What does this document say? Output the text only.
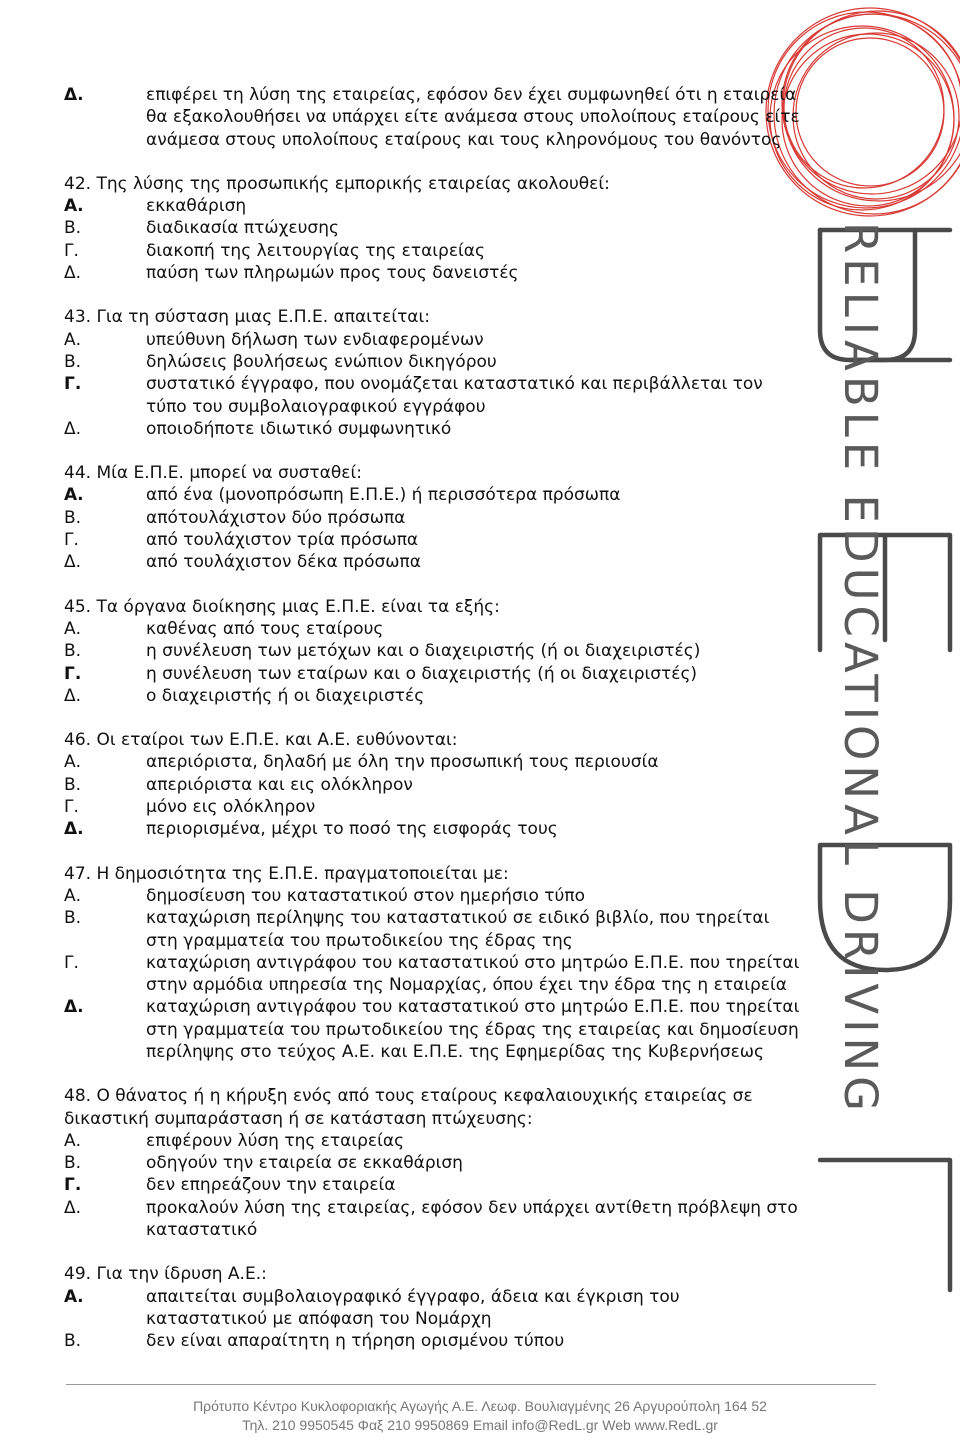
RELIABLE EDUCATIONAL DRIVING
Δ.	επιφέρει τη λύση της εταιρείας, εφόσον δεν έχει συμφωνηθεί ότι η εταιρεία θα εξακολουθήσει να υπάρχει είτε ανάμεσα στους υπολοίπους εταίρους είτε ανάμεσα στους υπολοίπους εταίρους και τους κληρονόμους του θανόντος
42. Της λύσης της προσωπικής εμπορικής εταιρείας ακολουθεί:
Α.	εκκαθάριση
Β.	διαδικασία πτώχευσης
Γ.	διακοπή της λειτουργίας της εταιρείας
Δ.	παύση των πληρωμών προς τους δανειστές
43. Για τη σύσταση μιας Ε.Π.Ε. απαιτείται:
Α.	υπεύθυνη δήλωση των ενδιαφερομένων
Β.	δηλώσεις βουλήσεως ενώπιον δικηγόρου
Γ.	συστατικό έγγραφο, που ονομάζεται καταστατικό και περιβάλλεται τον τύπο του συμβολαιογραφικού εγγράφου
Δ.	οποιοδήποτε ιδιωτικό συμφωνητικό
44. Μία Ε.Π.Ε. μπορεί να συσταθεί:
Α.	από ένα (μονοπρόσωπη Ε.Π.Ε.) ή περισσότερα πρόσωπα
Β.	απότουλάχιστον δύο πρόσωπα
Γ.	από τουλάχιστον τρία πρόσωπα
Δ.	από τουλάχιστον δέκα πρόσωπα
45. Τα όργανα διοίκησης μιας Ε.Π.Ε. είναι τα εξής:
Α.	καθένας από τους εταίρους
Β.	η συνέλευση των μετόχων και ο διαχειριστής (ή οι διαχειριστές)
Γ.	η συνέλευση των εταίρων και ο διαχειριστής (ή οι διαχειριστές)
Δ.	ο διαχειριστής ή οι διαχειριστές
46. Οι εταίροι των Ε.Π.Ε. και Α.Ε. ευθύνονται:
Α.	απεριόριστα, δηλαδή με όλη την προσωπική τους περιουσία
Β.	απεριόριστα και εις ολόκληρον
Γ.	μόνο εις ολόκληρον
Δ.	περιορισμένα, μέχρι το ποσό της εισφοράς τους
47. Η δημοσιότητα της Ε.Π.Ε. πραγματοποιείται με:
Α.	δημοσίευση του καταστατικού στον ημερήσιο τύπο
Β.	καταχώριση περίληψης του καταστατικού σε ειδικό βιβλίο, που τηρείται στη γραμματεία του πρωτοδικείου της έδρας της
Γ.	καταχώριση αντιγράφου του καταστατικού στο μητρώο Ε.Π.Ε. που τηρείται στην αρμόδια υπηρεσία της Νομαρχίας, όπου έχει την έδρα της η εταιρεία
Δ.	καταχώριση αντιγράφου του καταστατικού στο μητρώο Ε.Π.Ε. που τηρείται στη γραμματεία του πρωτοδικείου της έδρας της εταιρείας και δημοσίευση περίληψης στο τεύχος Α.Ε. και Ε.Π.Ε. της Εφημερίδας της Κυβερνήσεως
48. Ο θάνατος ή η κήρυξη ενός από τους εταίρους κεφαλαιουχικής εταιρείας σε δικαστική συμπαράσταση ή σε κατάσταση πτώχευσης:
Α.	επιφέρουν λύση της εταιρείας
Β.	οδηγούν την εταιρεία σε εκκαθάριση
Γ.	δεν επηρεάζουν την εταιρεία
Δ.	προκαλούν λύση της εταιρείας, εφόσον δεν υπάρχει αντίθετη πρόβλεψη στο καταστατικό
49. Για την ίδρυση Α.Ε.:
Α.	απαιτείται συμβολαιογραφικό έγγραφο, άδεια και έγκριση του καταστατικού με απόφαση του Νομάρχη
Β.	δεν είναι απαραίτητη η τήρηση ορισμένου τύπου
Πρότυπο Κέντρο Κυκλοφοριακής Αγωγής Α.Ε. Λεωφ. Βουλιαγμένης 26 Αργυρούπολη 164 52
Τηλ. 210 9950545 Φαξ 210 9950869 Email info@RedL.gr Web www.RedL.gr
